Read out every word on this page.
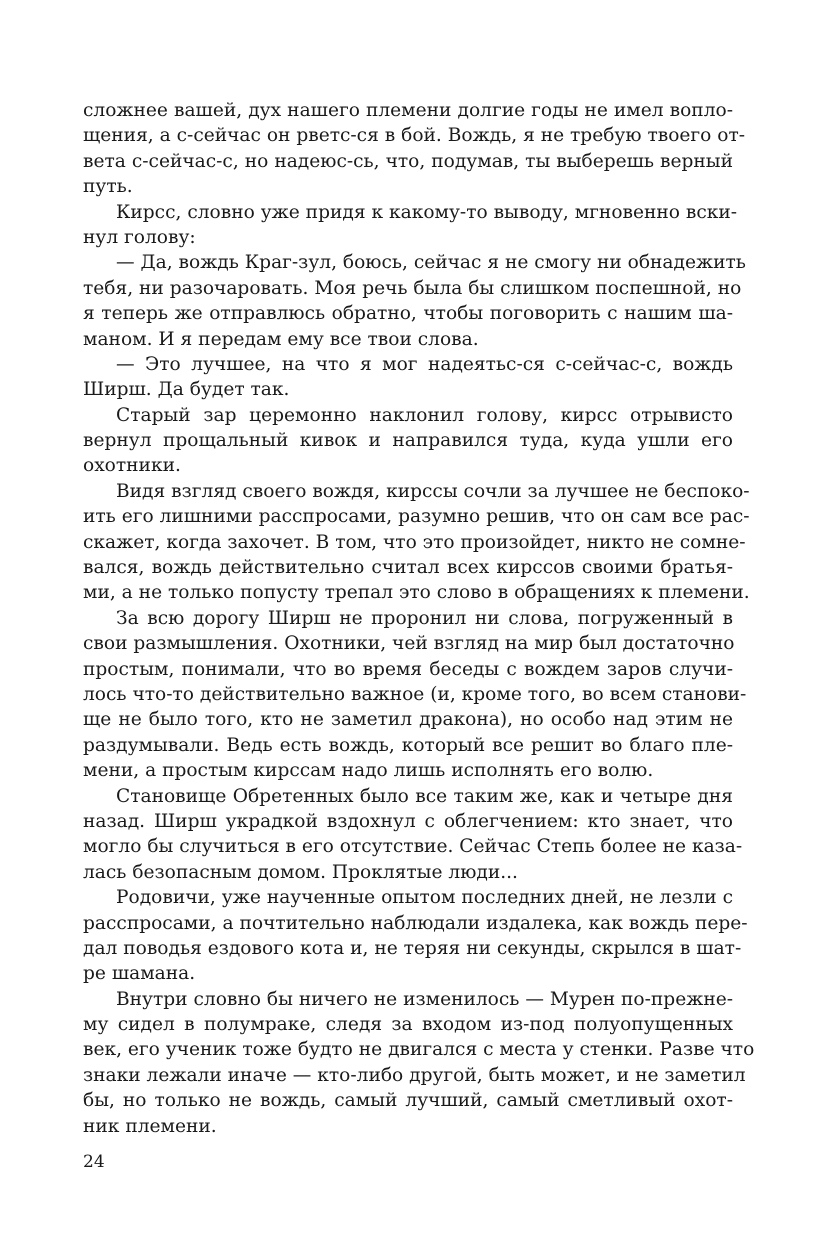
сложнее вашей, дух нашего племени долгие годы не имел вопло-
щения, а с-сейчас он рветс-ся в бой. Вождь, я не требую твоего от-
вета с-сейчас-с, но надеюс-сь, что, подумав, ты выберешь верный
путь.
Кирсс, словно уже придя к какому-то выводу, мгновенно вски-
нул голову:
— Да, вождь Краг-зул, боюсь, сейчас я не смогу ни обнадежить
тебя, ни разочаровать. Моя речь была бы слишком поспешной, но
я теперь же отправлюсь обратно, чтобы поговорить с нашим ша-
маном. И я передам ему все твои слова.
— Это лучшее, на что я мог надеятьс-ся с-сейчас-с, вождь
Ширш. Да будет так.
Старый зар церемонно наклонил голову, кирсс отрывисто
вернул прощальный кивок и направился туда, куда ушли его
охотники.
Видя взгляд своего вождя, кирссы сочли за лучшее не беспоко-
ить его лишними расспросами, разумно решив, что он сам все рас-
скажет, когда захочет. В том, что это произойдет, никто не сомне-
вался, вождь действительно считал всех кирссов своими братья-
ми, а не только попусту трепал это слово в обращениях к племени.
За всю дорогу Ширш не проронил ни слова, погруженный в
свои размышления. Охотники, чей взгляд на мир был достаточно
простым, понимали, что во время беседы с вождем заров случи-
лось что-то действительно важное (и, кроме того, во всем станови-
ще не было того, кто не заметил дракона), но особо над этим не
раздумывали. Ведь есть вождь, который все решит во благо пле-
мени, а простым кирссам надо лишь исполнять его волю.
Становище Обретенных было все таким же, как и четыре дня
назад. Ширш украдкой вздохнул с облегчением: кто знает, что
могло бы случиться в его отсутствие. Сейчас Степь более не каза-
лась безопасным домом. Проклятые люди...
Родовичи, уже наученные опытом последних дней, не лезли с
расспросами, а почтительно наблюдали издалека, как вождь пере-
дал поводья ездового кота и, не теряя ни секунды, скрылся в шат-
ре шамана.
Внутри словно бы ничего не изменилось — Мурен по-прежне-
му сидел в полумраке, следя за входом из-под полуопущенных
век, его ученик тоже будто не двигался с места у стенки. Разве что
знаки лежали иначе — кто-либо другой, быть может, и не заметил
бы, но только не вождь, самый лучший, самый сметливый охот-
ник племени.
24
